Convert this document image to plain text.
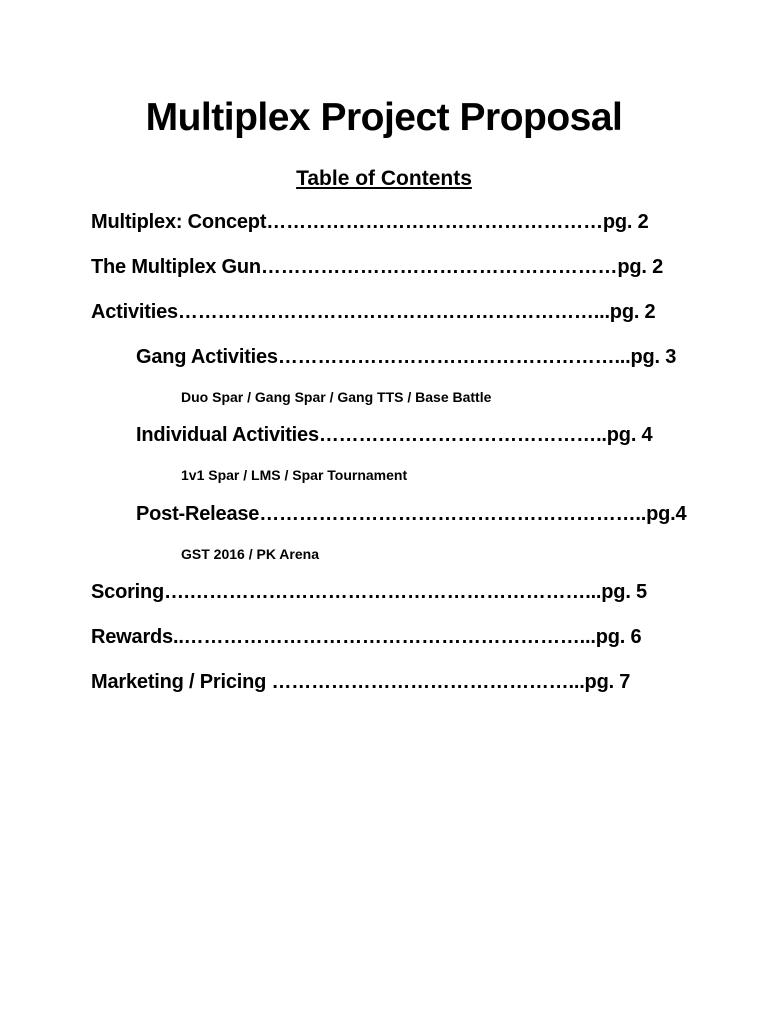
Multiplex Project Proposal
Table of Contents
Multiplex: Concept……………………………………………pg. 2
The Multiplex Gun………………………………………………pg. 2
Activities………………………………………………………...pg. 2
Gang Activities……………………………………………...pg. 3
Duo Spar / Gang Spar / Gang TTS / Base Battle
Individual Activities……………………………………..pg. 4
1v1 Spar / LMS / Spar Tournament
Post-Release…………………………………………………..pg.4
GST 2016 / PK Arena
Scoring….……………………………………………………...pg. 5
Rewards..……………………………………………………...pg. 6
Marketing / Pricing ………………………………………...pg. 7
